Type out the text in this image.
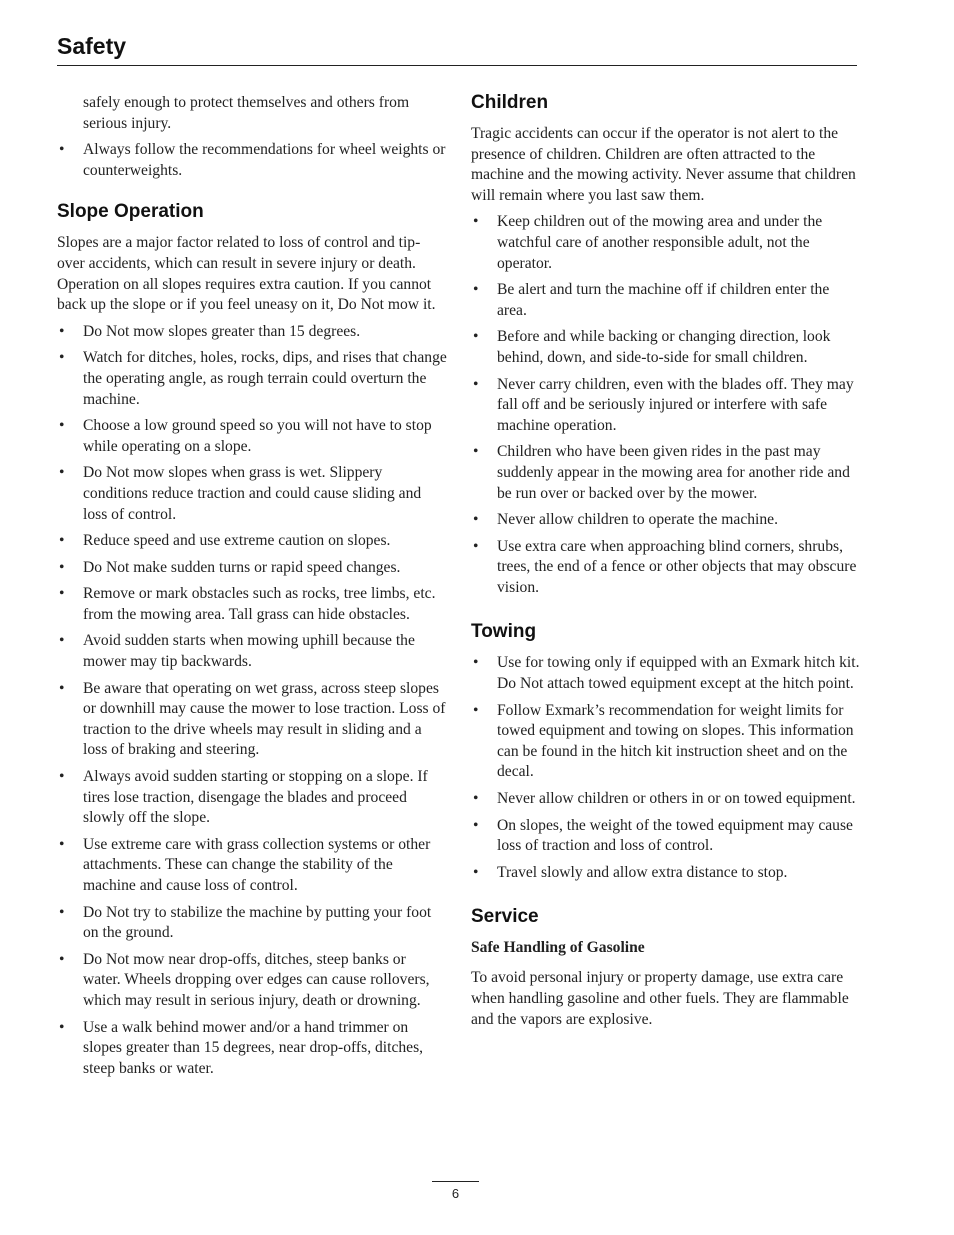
Safety

safely enough to protect themselves and others from serious injury.

• Always follow the recommendations for wheel weights or counterweights.
Slope Operation

Slopes are a major factor related to loss of control and tip-over accidents, which can result in severe injury or death. Operation on all slopes requires extra caution. If you cannot back up the slope or if you feel uneasy on it, Do Not mow it.

• Do Not mow slopes greater than 15 degrees.
• Watch for ditches, holes, rocks, dips, and rises that change the operating angle, as rough terrain could overturn the machine.
• Choose a low ground speed so you will not have to stop while operating on a slope.
• Do Not mow slopes when grass is wet. Slippery conditions reduce traction and could cause sliding and loss of control.
• Reduce speed and use extreme caution on slopes.
• Do Not make sudden turns or rapid speed changes.
• Remove or mark obstacles such as rocks, tree limbs, etc. from the mowing area. Tall grass can hide obstacles.
• Avoid sudden starts when mowing uphill because the mower may tip backwards.
• Be aware that operating on wet grass, across steep slopes or downhill may cause the mower to lose traction. Loss of traction to the drive wheels may result in sliding and a loss of braking and steering.
• Always avoid sudden starting or stopping on a slope. If tires lose traction, disengage the blades and proceed slowly off the slope.
• Use extreme care with grass collection systems or other attachments. These can change the stability of the machine and cause loss of control.
• Do Not try to stabilize the machine by putting your foot on the ground.
• Do Not mow near drop-offs, ditches, steep banks or water. Wheels dropping over edges can cause rollovers, which may result in serious injury, death or drowning.
• Use a walk behind mower and/or a hand trimmer on slopes greater than 15 degrees, near drop-offs, ditches, steep banks or water.
Children

Tragic accidents can occur if the operator is not alert to the presence of children. Children are often attracted to the machine and the mowing activity. Never assume that children will remain where you last saw them.

• Keep children out of the mowing area and under the watchful care of another responsible adult, not the operator.
• Be alert and turn the machine off if children enter the area.
• Before and while backing or changing direction, look behind, down, and side-to-side for small children.
• Never carry children, even with the blades off. They may fall off and be seriously injured or interfere with safe machine operation.
• Children who have been given rides in the past may suddenly appear in the mowing area for another ride and be run over or backed over by the mower.
• Never allow children to operate the machine.
• Use extra care when approaching blind corners, shrubs, trees, the end of a fence or other objects that may obscure vision.
Towing
• Use for towing only if equipped with an Exmark hitch kit. Do Not attach towed equipment except at the hitch point.
• Follow Exmark’s recommendation for weight limits for towed equipment and towing on slopes. This information can be found in the hitch kit instruction sheet and on the decal.
• Never allow children or others in or on towed equipment.
• On slopes, the weight of the towed equipment may cause loss of traction and loss of control.
• Travel slowly and allow extra distance to stop.
Service
Safe Handling of Gasoline

To avoid personal injury or property damage, use extra care when handling gasoline and other fuels. They are flammable and the vapors are explosive.

6
